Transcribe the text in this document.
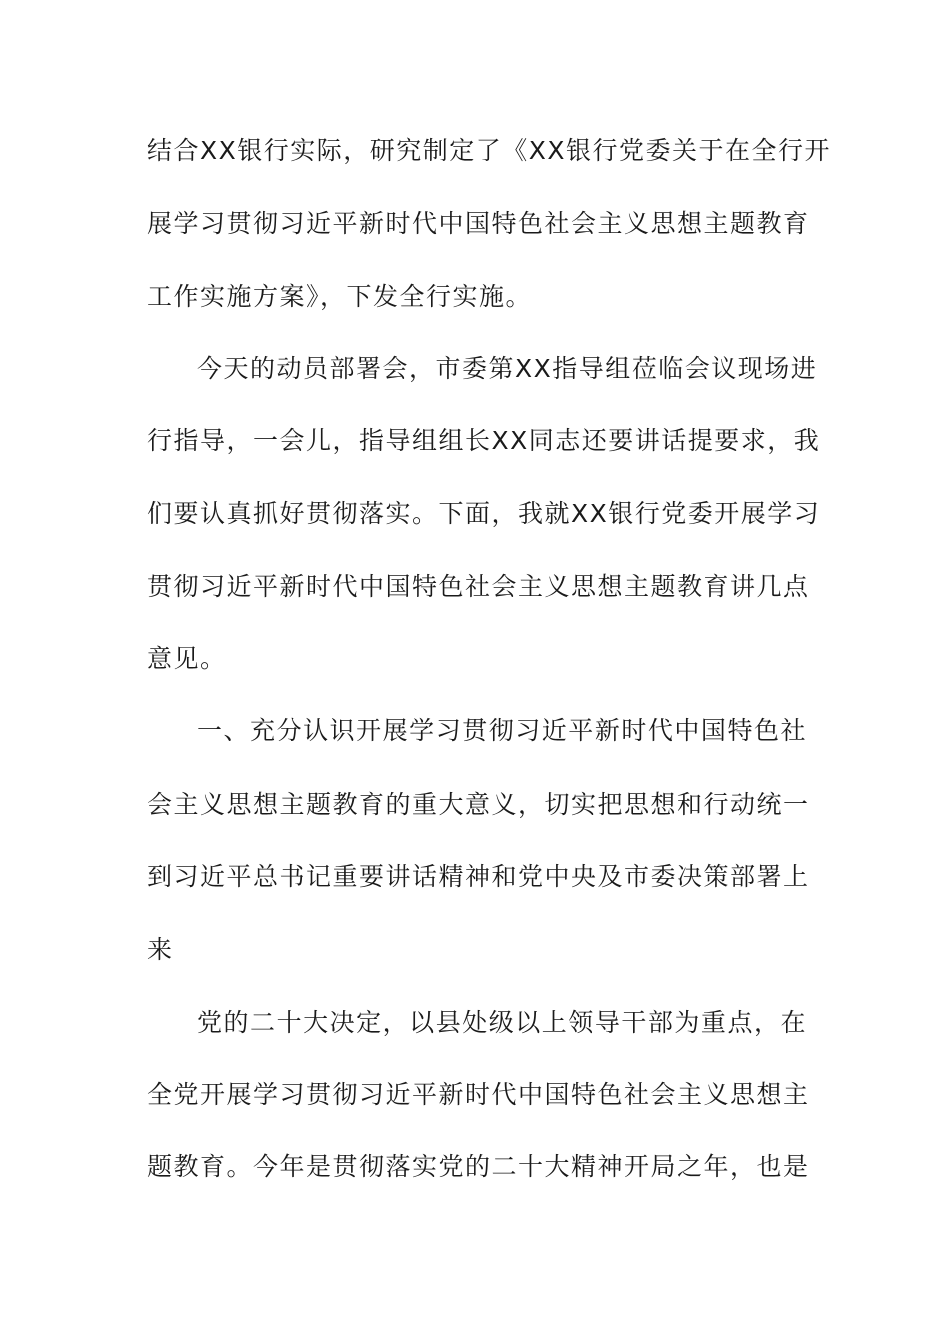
结合XX银行实际，研究制定了《XX银行党委关于在全行开
展学习贯彻习近平新时代中国特色社会主义思想主题教育
工作实施方案》，下发全行实施。
今天的动员部署会，市委第XX指导组莅临会议现场进
行指导，一会儿，指导组组长XX同志还要讲话提要求，我
们要认真抓好贯彻落实。下面，我就XX银行党委开展学习
贯彻习近平新时代中国特色社会主义思想主题教育讲几点
意见。
一、充分认识开展学习贯彻习近平新时代中国特色社
会主义思想主题教育的重大意义，切实把思想和行动统一
到习近平总书记重要讲话精神和党中央及市委决策部署上
来
党的二十大决定，以县处级以上领导干部为重点，在
全党开展学习贯彻习近平新时代中国特色社会主义思想主
题教育。今年是贯彻落实党的二十大精神开局之年，也是
